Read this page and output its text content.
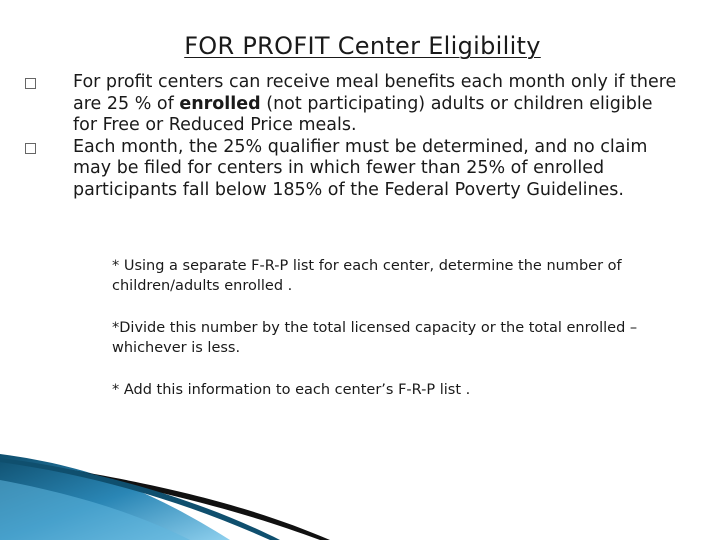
FOR PROFIT Center Eligibility
For profit centers can receive meal benefits each month only if there are 25 % of enrolled (not participating) adults or children eligible for Free or Reduced Price meals.
Each month, the 25% qualifier must be determined, and no claim may be filed for centers in which fewer than 25% of enrolled participants fall below 185% of the Federal Poverty Guidelines.

* Using a separate F-R-P list for each center, determine the number of children/adults enrolled .

*Divide this number by the total licensed capacity or the total enrolled – whichever is less.

* Add this information to each center’s F-R-P list .
